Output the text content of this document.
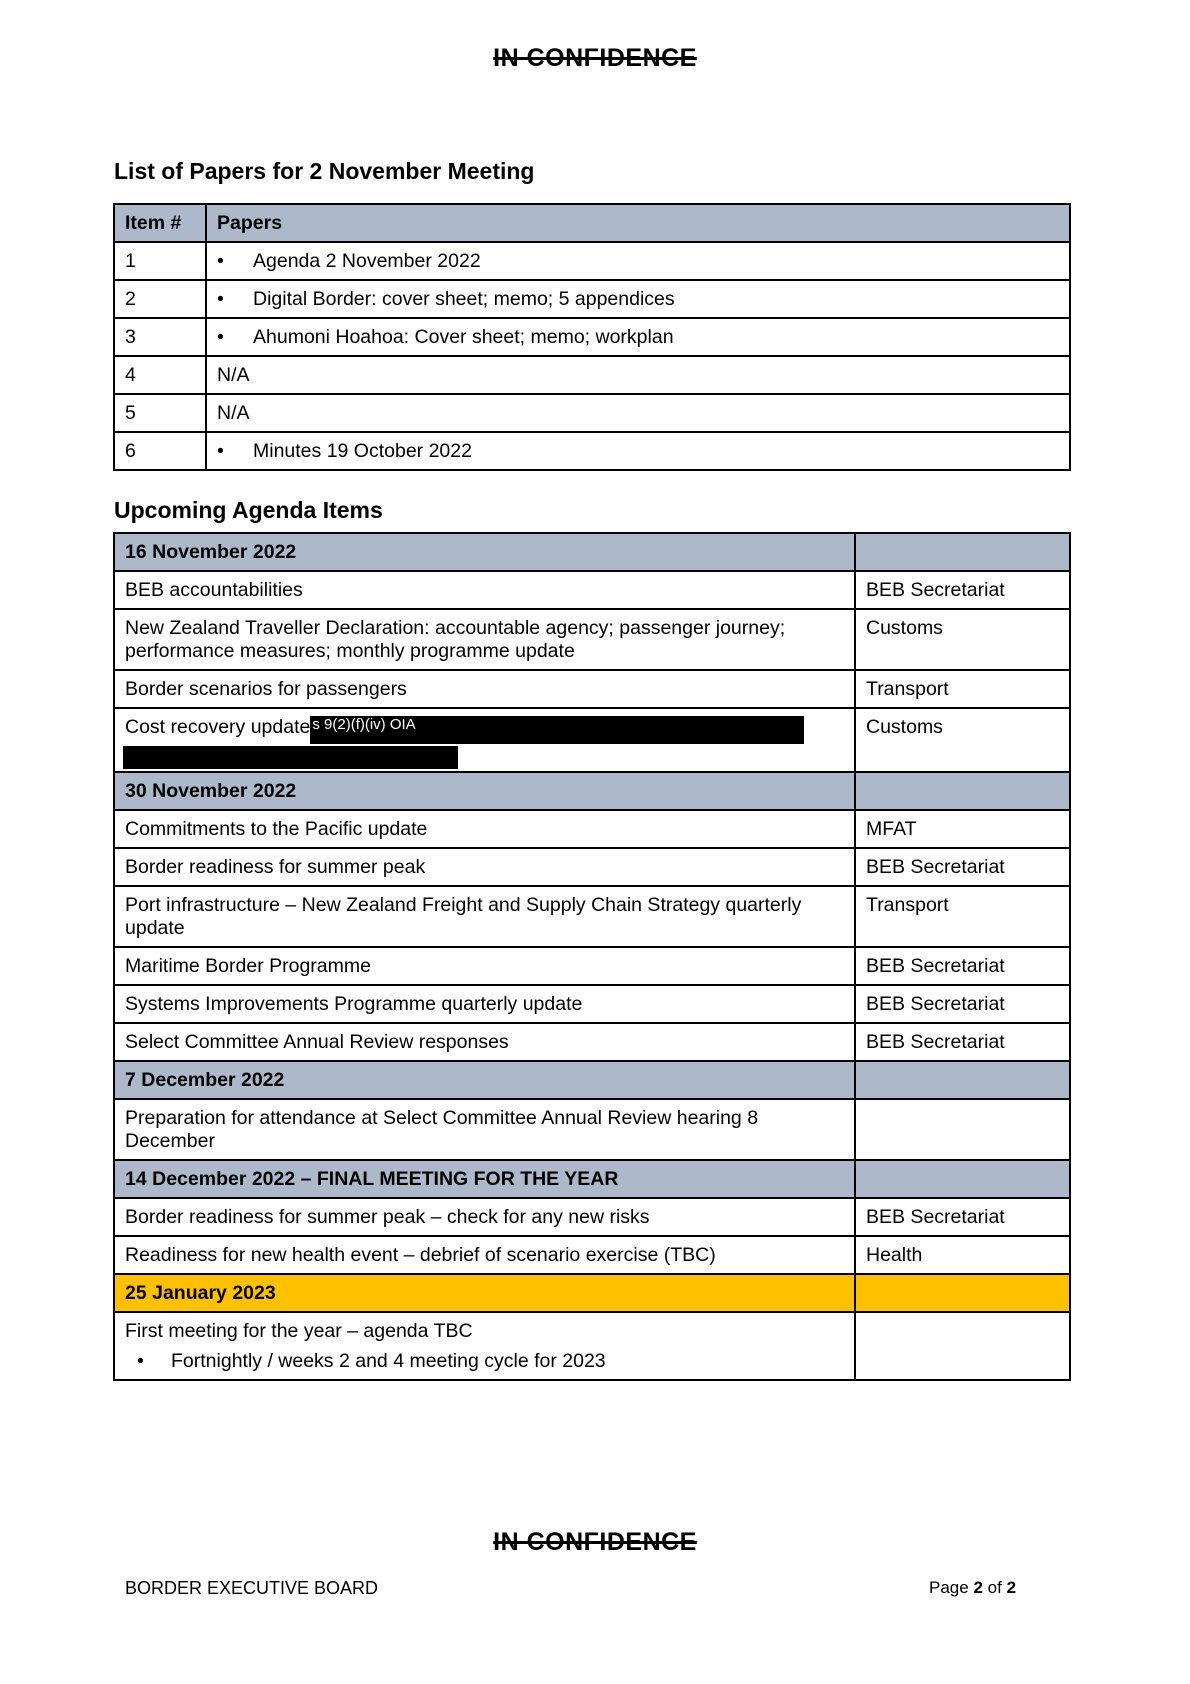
IN CONFIDENCE
List of Papers for 2 November Meeting
Item #	Papers
1	• Agenda 2 November 2022
2	• Digital Border: cover sheet; memo; 5 appendices
3	• Ahumoni Hoahoa: Cover sheet; memo; workplan
4	N/A
5	N/A
6	• Minutes 19 October 2022
Upcoming Agenda Items
16 November 2022	
BEB accountabilities	BEB Secretariat
New Zealand Traveller Declaration: accountable agency; passenger journey; performance measures; monthly programme update	Customs
Border scenarios for passengers	Transport
Cost recovery update s 9(2)(f)(iv) OIA	Customs
30 November 2022	
Commitments to the Pacific update	MFAT
Border readiness for summer peak	BEB Secretariat
Port infrastructure – New Zealand Freight and Supply Chain Strategy quarterly update	Transport
Maritime Border Programme	BEB Secretariat
Systems Improvements Programme quarterly update	BEB Secretariat
Select Committee Annual Review responses	BEB Secretariat
7 December 2022	
Preparation for attendance at Select Committee Annual Review hearing 8 December	
14 December 2022 – FINAL MEETING FOR THE YEAR	
Border readiness for summer peak – check for any new risks	BEB Secretariat
Readiness for new health event – debrief of scenario exercise (TBC)	Health
25 January 2023	

First meeting for the year – agenda TBC
• Fortnightly / weeks 2 and 4 meeting cycle for 2023	

IN CONFIDENCE
BORDER EXECUTIVE BOARD	Page 2 of 2
